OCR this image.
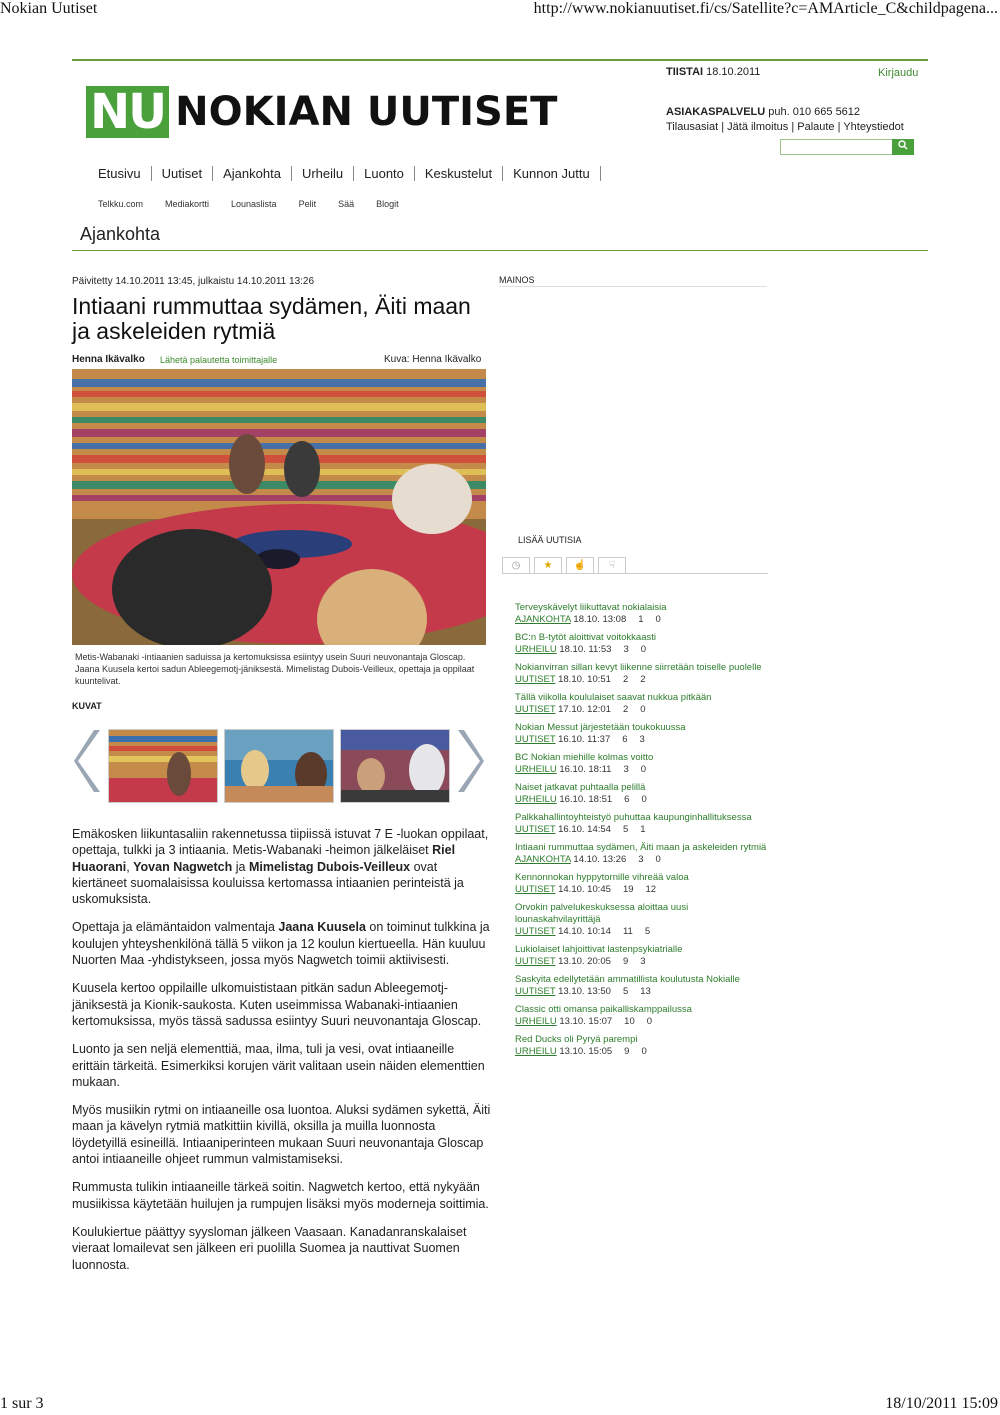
Nokian Uutiset	http://www.nokianuutiset.fi/cs/Satellite?c=AMArticle_C&childpagena...
1 sur 3	18/10/2011 15:09
TIISTAI 18.10.2011	Kirjaudu
NU NOKIAN UUTISET	ASIAKASPALVELU puh. 010 665 5612
Tilausasiat | Jätä ilmoitus | Palaute | Yhteystiedot
Etusivu	Uutiset	Ajankohta	Urheilu	Luonto	Keskustelut	Kunnon Juttu
Telkku.com Mediakortti Lounaslista Pelit Sää Blogit
Ajankohta
Päivitetty 14.10.2011 13:45, julkaistu 14.10.2011 13:26
Intiaani rummuttaa sydämen, Äiti maan ja askeleiden rytmiä
Henna Ikävalko Lähetä palautetta toimittajalle	Kuva: Henna Ikävalko
Metis-Wabanaki -intiaanien saduissa ja kertomuksissa esiintyy usein Suuri neuvonantaja Gloscap. Jaana Kuusela kertoi sadun Ableegemotj-jäniksestä. Mimelistag Dubois-Veilleux, opettaja ja oppilaat kuuntelivat.
KUVAT

Emäkosken liikuntasaliin rakennetussa tiipiissä istuvat 7 E -luokan oppilaat, opettaja, tulkki ja 3 intiaania. Metis-Wabanaki -heimon jälkeläiset Riel Huaorani, Yovan Nagwetch ja Mimelistag Dubois-Veilleux ovat kiertäneet suomalaisissa kouluissa kertomassa intiaanien perinteistä ja uskomuksista.

Opettaja ja elämäntaidon valmentaja Jaana Kuusela on toiminut tulkkina ja koulujen yhteyshenkilönä tällä 5 viikon ja 12 koulun kiertueella. Hän kuuluu Nuorten Maa -yhdistykseen, jossa myös Nagwetch toimii aktiivisesti.

Kuusela kertoo oppilaille ulkomuististaan pitkän sadun Ableegemotj-jäniksestä ja Kionik-saukosta. Kuten useimmissa Wabanaki-intiaanien kertomuksissa, myös tässä sadussa esiintyy Suuri neuvonantaja Gloscap.

Luonto ja sen neljä elementtiä, maa, ilma, tuli ja vesi, ovat intiaaneille erittäin tärkeitä. Esimerkiksi korujen värit valitaan usein näiden elementtien mukaan.

Myös musiikin rytmi on intiaaneille osa luontoa. Aluksi sydämen sykettä, Äiti maan ja kävelyn rytmiä matkittiin kivillä, oksilla ja muilla luonnosta löydetyillä esineillä. Intiaaniperinteen mukaan Suuri neuvonantaja Gloscap antoi intiaaneille ohjeet rummun valmistamiseksi.

Rummusta tulikin intiaaneille tärkeä soitin. Nagwetch kertoo, että nykyään musiikissa käytetään huilujen ja rumpujen lisäksi myös moderneja soittimia.

Koulukiertue päättyy syysloman jälkeen Vaasaan. Kanadanranskalaiset vieraat lomailevat sen jälkeen eri puolilla Suomea ja nauttivat Suomen luonnosta.

MAINOS
LISÄÄ UUTISIA
◷	★	☝	☟
Terveyskävelyt liikuttavat nokialaisia
AJANKOHTA 18.10. 13:08 1 0
BC:n B-tytöt aloittivat voitokkaasti
URHEILU 18.10. 11:53 3 0
Nokianvirran sillan kevyt liikenne siirretään toiselle puolelle
UUTISET 18.10. 10:51 2 2
Tällä viikolla koululaiset saavat nukkua pitkään
UUTISET 17.10. 12:01 2 0
Nokian Messut järjestetään toukokuussa
UUTISET 16.10. 11:37 6 3
BC Nokian miehille kolmas voitto
URHEILU 16.10. 18:11 3 0
Naiset jatkavat puhtaalla pelillä
URHEILU 16.10. 18:51 6 0
Palkkahallintoyhteistyö puhuttaa kaupunginhallituksessa
UUTISET 16.10. 14:54 5 1
Intiaani rummuttaa sydämen, Äiti maan ja askeleiden rytmiä
AJANKOHTA 14.10. 13:26 3 0
Kennonnokan hyppytornille vihreää valoa
UUTISET 14.10. 10:45 19 12
Orvokin palvelukeskuksessa aloittaa uusi lounaskahvilayrittäjä
UUTISET 14.10. 10:14 11 5
Lukiolaiset lahjoittivat lastenpsykiatrialle
UUTISET 13.10. 20:05 9 3
Saskyita edellytetään ammatillista koulutusta Nokialle
UUTISET 13.10. 13:50 5 13
Classic otti omansa paikallisk​amppailussa
URHEILU 13.10. 15:07 10 0
Red Ducks oli Pyryä parempi
URHEILU 13.10. 15:05 9 0
